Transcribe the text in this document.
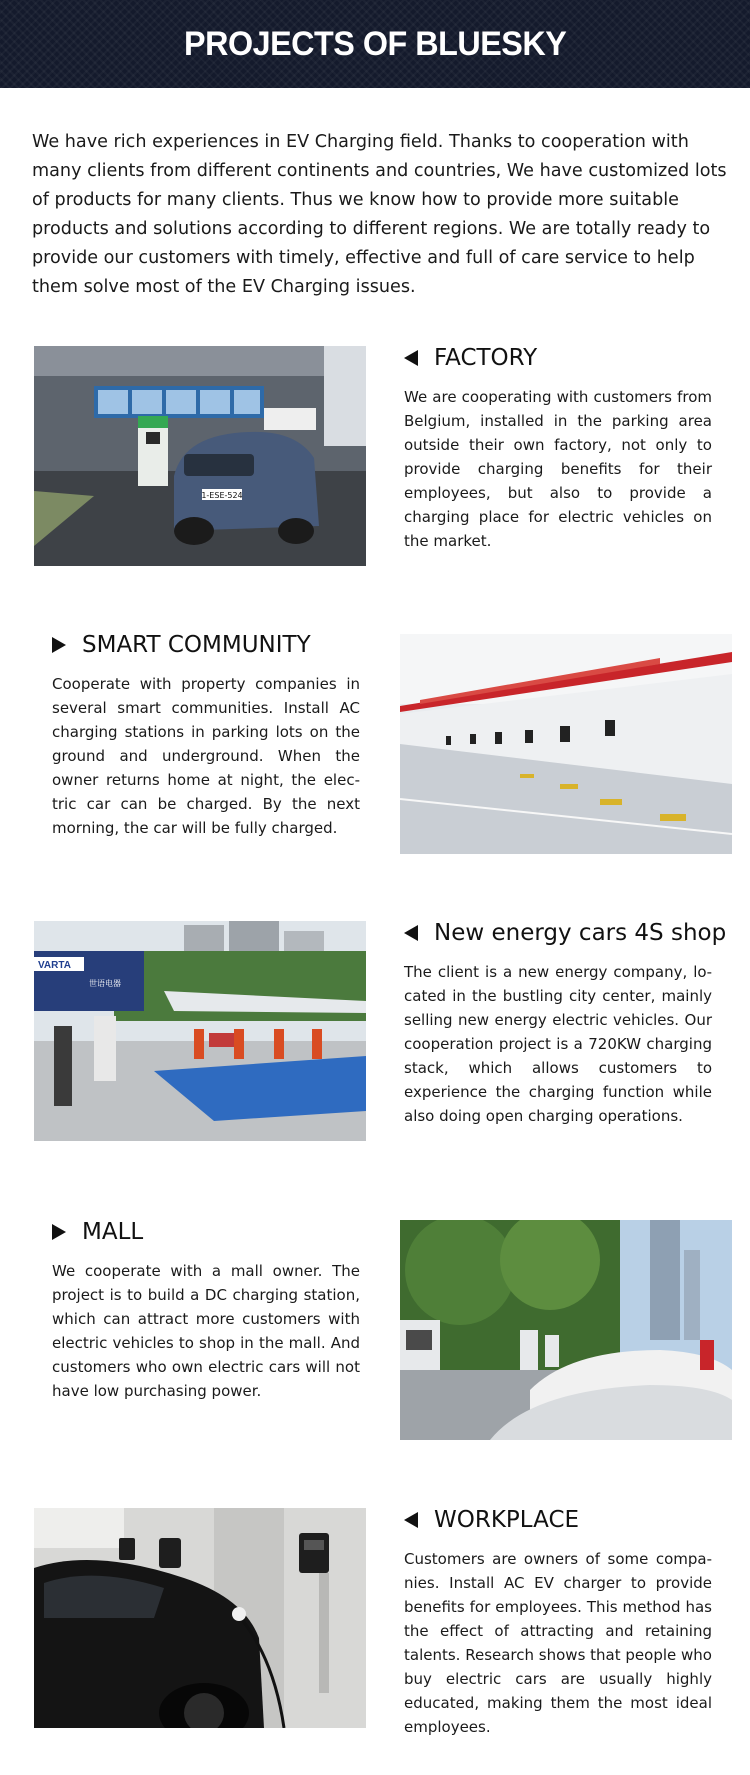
PROJECTS OF BLUESKY

We have rich experiences in EV Charging field. Thanks to cooperation with many clients from different continents and countries, We have customized lots of products for many clients. Thus we know how to provide more suitable products and solutions according to different regions. We are totally ready to provide our customers with timely, effective and full of care service to help them solve most of the EV Charging issues.

1-ESE-524
FACTORY

We are cooperating with customers from Belgium, installed in the parking area outside their own factory, not only to provide charging benefits for their employees, but also to provide a charging place for electric vehicles on the market.

SMART COMMUNITY

Cooperate with property companies in several smart communities. Install AC charging stations in parking lots on the ground and underground. When the owner returns home at night, the electric car can be charged. By the next morning, the car will be fully charged.

VARTA
世语电器
New energy cars 4S shop

The client is a new energy company, located in the bustling city center, mainly selling new energy electric vehicles. Our cooperation project is a 720KW charging stack, which allows customers to experience the charging function while also doing open charging operations.

MALL

We cooperate with a mall owner. The project is to build a DC charging station, which can attract more customers with electric vehicles to shop in the mall. And customers who own electric cars will not have low purchasing power.

WORKPLACE

Customers are owners of some companies. Install AC EV charger to provide benefits for employees. This method has the effect of attracting and retaining talents. Research shows that people who buy electric cars are usually highly educated, making them the most ideal employees.
